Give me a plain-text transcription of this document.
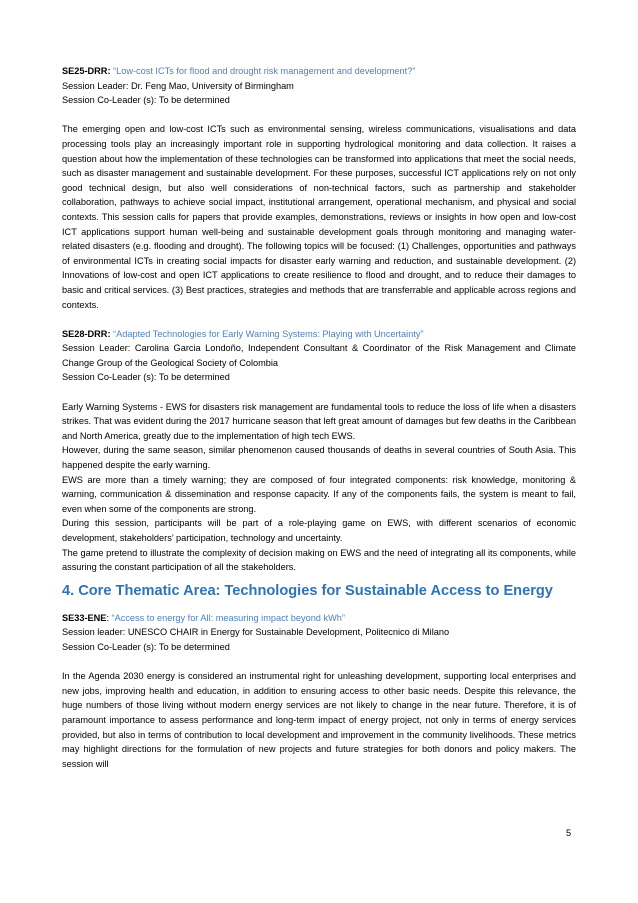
SE25-DRR: “Low-cost ICTs for flood and drought risk management and development?”

Session Leader: Dr. Feng Mao, University of Birmingham

Session Co-Leader (s): To be determined

The emerging open and low-cost ICTs such as environmental sensing, wireless communications, visualisations and data processing tools play an increasingly important role in supporting hydrological monitoring and data collection. It raises a question about how the implementation of these technologies can be transformed into applications that meet the social needs, such as disaster management and sustainable development. For these purposes, successful ICT applications rely on not only good technical design, but also well considerations of non-technical factors, such as partnership and stakeholder collaboration, pathways to achieve social impact, institutional arrangement, operational mechanism, and physical and social contexts. This session calls for papers that provide examples, demonstrations, reviews or insights in how open and low-cost ICT applications support human well-being and sustainable development goals through monitoring and managing water-related disasters (e.g. flooding and drought). The following topics will be focused: (1) Challenges, opportunities and pathways of environmental ICTs in creating social impacts for disaster early warning and reduction, and sustainable development. (2) Innovations of low-cost and open ICT applications to create resilience to flood and drought, and to reduce their damages to basic and critical services. (3) Best practices, strategies and methods that are transferrable and applicable across regions and contexts.

SE28-DRR: “Adapted Technologies for Early Warning Systems: Playing with Uncertainty”

Session Leader: Carolina Garcia Londoño, Independent Consultant & Coordinator of the Risk Management and Climate Change Group of the Geological Society of Colombia

Session Co-Leader (s): To be determined

Early Warning Systems - EWS for disasters risk management are fundamental tools to reduce the loss of life when a disasters strikes. That was evident during the 2017 hurricane season that left great amount of damages but few deaths in the Caribbean and North America, greatly due to the implementation of high tech EWS.

However, during the same season, similar phenomenon caused thousands of deaths in several countries of South Asia. This happened despite the early warning.

EWS are more than a timely warning; they are composed of four integrated components: risk knowledge, monitoring & warning, communication & dissemination and response capacity. If any of the components fails, the system is meant to fail, even when some of the components are strong.

During this session, participants will be part of a role-playing game on EWS, with different scenarios of economic development, stakeholders’ participation, technology and uncertainty.

The game pretend to illustrate the complexity of decision making on EWS and the need of integrating all its components, while assuring the constant participation of all the stakeholders.

4. Core Thematic Area: Technologies for Sustainable Access to Energy

SE33-ENE: “Access to energy for All: measuring impact beyond kWh”

Session leader: UNESCO CHAIR in Energy for Sustainable Development, Politecnico di Milano

Session Co-Leader (s): To be determined

In the Agenda 2030 energy is considered an instrumental right for unleashing development, supporting local enterprises and new jobs, improving health and education, in addition to ensuring access to other basic needs. Despite this relevance, the huge numbers of those living without modern energy services are not likely to change in the near future. Therefore, it is of paramount importance to assess performance and long-term impact of energy project, not only in terms of energy services provided, but also in terms of contribution to local development and improvement in the community livelihoods. These metrics may highlight directions for the formulation of new projects and future strategies for both donors and policy makers. The session will

5
